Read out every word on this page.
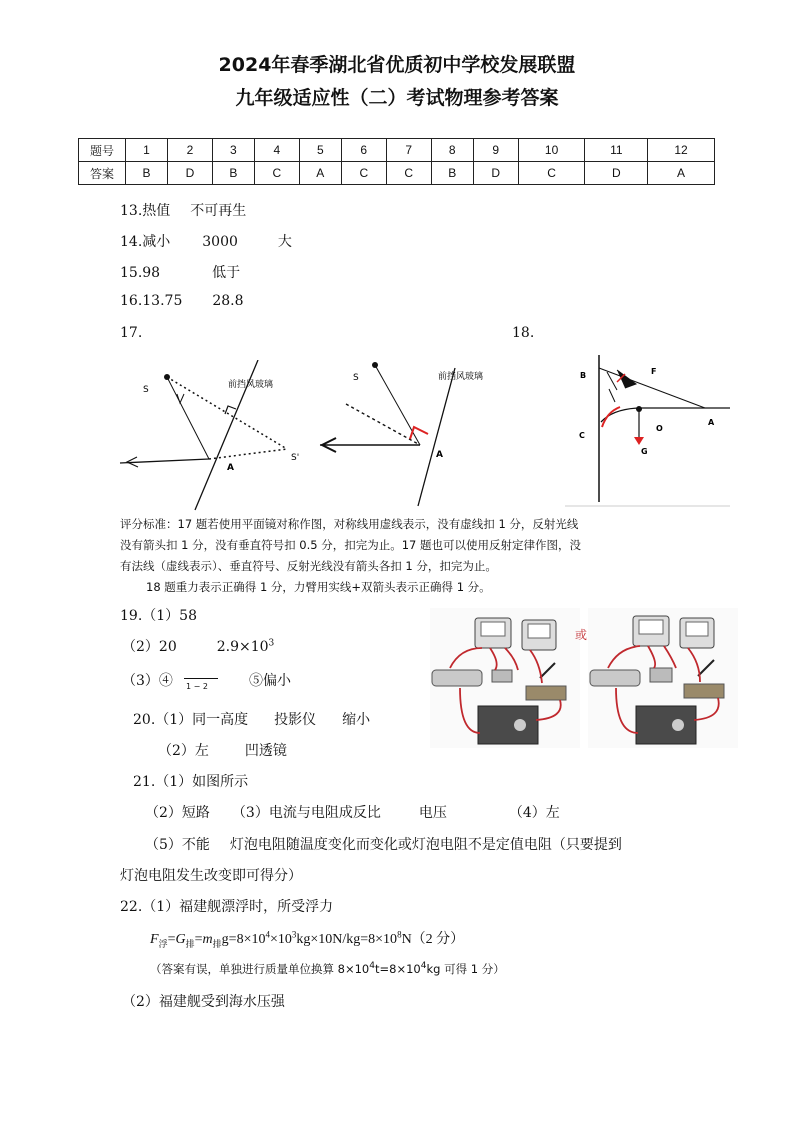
2024年春季湖北省优质初中学校发展联盟
九年级适应性（二）考试物理参考答案
题号	1	2	3	4	5	6	7	8	9	10	11	12
答案	B	D	B	C	A	C	C	B	D	C	D	A
13.热值 不可再生
14.减小 3000	大
15.98	低于
16.13.75 28.8
17.	18.
S
S'
前挡风玻璃
A
S	前挡风玻璃
A
B	F
C
O
A
G
评分标准：17 题若使用平面镜对称作图，对称线用虚线表示，没有虚线扣 1 分，反射光线
没有箭头扣 1 分，没有垂直符号扣 0.5 分，扣完为止。17 题也可以使用反射定律作图，没
有法线（虚线表示）、垂直符号、反射光线没有箭头各扣 1 分，扣完为止。
18 题重力表示正确得 1 分，力臂用实线+双箭头表示正确得 1 分。
19.（1）58
（2）20	$2.9\times 10^3$
（3）④ 1 − 2	⑤偏小
或
20.（1）同一高度 投影仪 缩小
（2）左	凹透镜
21.（1）如图所示
（2）短路 （3）电流与电阻成反比	电压	（4）左
（5）不能 灯泡电阻随温度变化而变化或灯泡电阻不是定值电阻（只要提到
灯泡电阻发生改变即可得分）
22.（1）福建舰漂浮时，所受浮力
$F_浮=G_排=m_排g=8\times 10^4\times 10^3kg\times 10N/kg=8\times 10^8N(2$ 分）
（答案有误，单独进行质量单位换算 $8\times 10^4t=8\times 10^4kg$ 可得 1 分）
（2）福建舰受到海水压强
